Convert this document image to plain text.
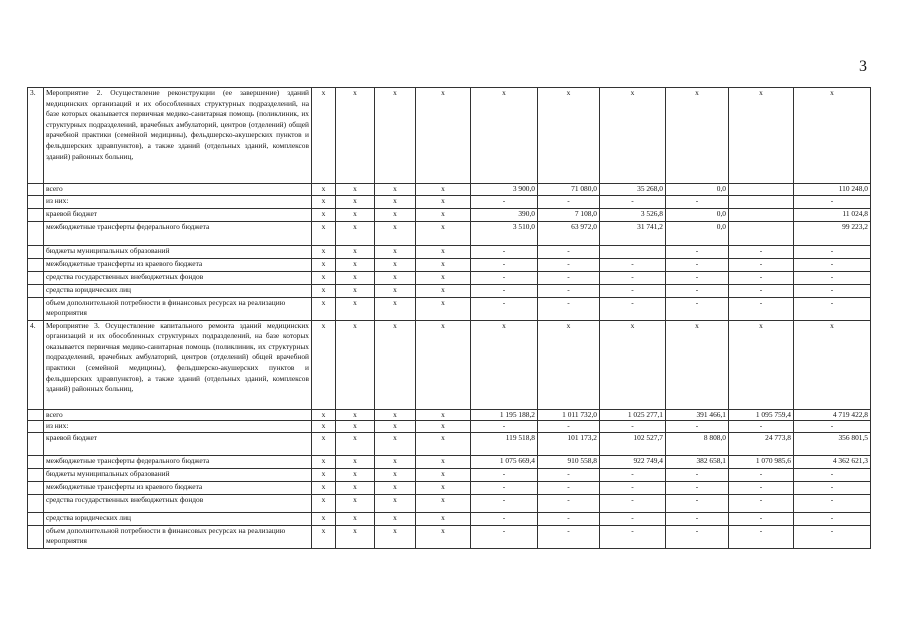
3
3.	Мероприятие 2. Осуществление реконструкции (ее завершение) зданий медицинских организаций и их обособленных структурных подразделений, на базе которых оказывается первичная медико-санитарная помощь (поликлиник, их структурных подразделений, врачебных амбулаторий, центров (отделений) общей врачебной практики (семейной медицины), фельдшерско-акушерских пунктов и фельдшерских здравпунктов), а также зданий (отдельных зданий, комплексов зданий) районных больниц,	x	x	x	x	x	x	x	x	x	x
	всего	x	x	x	x	3 900,0	71 080,0	35 268,0	0,0		110 248,0
	из них:	x	x	x	x	-	-	-	-		-
	краевой бюджет	x	x	x	x	390,0	7 108,0	3 526,8	0,0		11 024,8
	межбюджетные трансферты федерального бюджета	x	x	x	x	3 510,0	63 972,0	31 741,2	0,0		99 223,2
	бюджеты муниципальных образований	x	x	x	x	-	-		-	-	-
	межбюджетные трансферты из краевого бюджета	x	x	x	x	-	-	-	-	-	-
	средства государственных внебюджетных фондов	x	x	x	x	-	-	-	-	-	-
	средства юридических лиц	x	x	x	x	-	-	-	-	-	-
	объем дополнительной потребности в финансовых ресурсах на реализацию мероприятия	x	x	x	x	-	-	-	-	-	-
4.	Мероприятие 3. Осуществление капитального ремонта зданий медицинских организаций и их обособленных структурных подразделений, на базе которых оказывается первичная медико-санитарная помощь (поликлиник, их структурных подразделений, врачебных амбулаторий, центров (отделений) общей врачебной практики (семейной медицины), фельдшерско-акушерских пунктов и фельдшерских здравпунктов), а также зданий (отдельных зданий, комплексов зданий) районных больниц,	x	x	x	x	x	x	x	x	x	x
	всего	x	x	x	x	1 195 188,2	1 011 732,0	1 025 277,1	391 466,1	1 095 759,4	4 719 422,8
	из них:	x	x	x	x	-	-	-	-	-	-
	краевой бюджет	x	x	x	x	119 518,8	101 173,2	102 527,7	8 808,0	24 773,8	356 801,5
	межбюджетные трансферты федерального бюджета	x	x	x	x	1 075 669,4	910 558,8	922 749,4	382 658,1	1 070 985,6	4 362 621,3
	бюджеты муниципальных образований	x	x	x	x	-	-	-	-	-	-
	межбюджетные трансферты из краевого бюджета	x	x	x	x	-	-	-	-	-	-
	средства государственных внебюджетных фондов	x	x	x	x	-	-	-	-	-	-
	средства юридических лиц	x	x	x	x	-	-	-	-	-	-
	объем дополнительной потребности в финансовых ресурсах на реализацию мероприятия	x	x	x	x	-	-	-	-	-	-
